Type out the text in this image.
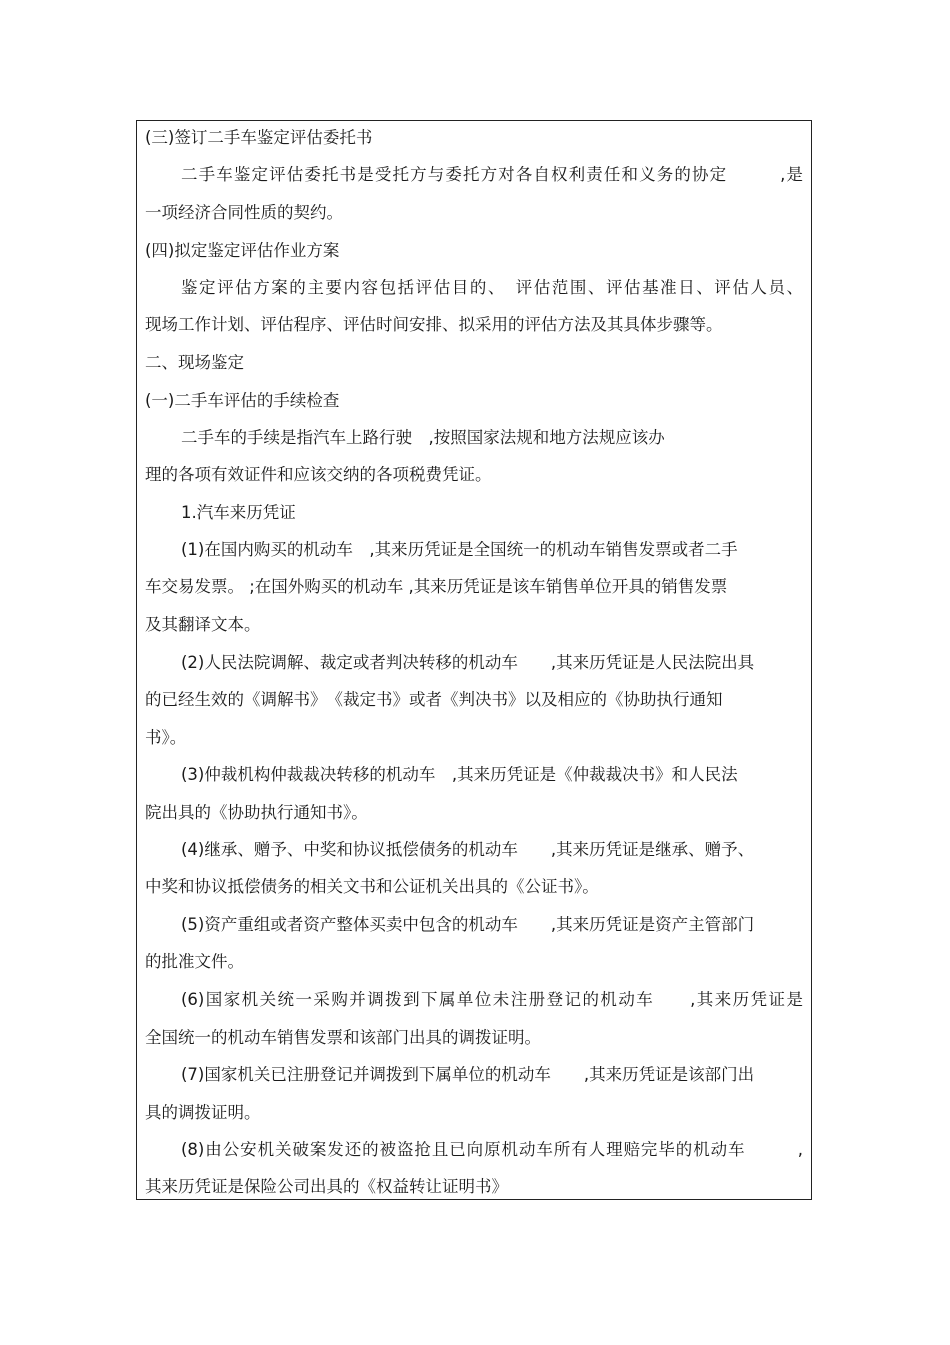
(三)签订二手车鉴定评估委托书
二手车鉴定评估委托书是受托方与委托方对各自权利责任和义务的协定　　　,是
一项经济合同性质的契约。
(四)拟定鉴定评估作业方案
鉴定评估方案的主要内容包括评估目的、　评估范围、评估基准日、评估人员、
现场工作计划、评估程序、评估时间安排、拟采用的评估方法及其具体步骤等。
二、现场鉴定
(一)二手车评估的手续检查
二手车的手续是指汽车上路行驶　,按照国家法规和地方法规应该办
理的各项有效证件和应该交纳的各项税费凭证。
1.汽车来历凭证
(1)在国内购买的机动车　,其来历凭证是全国统一的机动车销售发票或者二手
车交易发票。 ;在国外购买的机动车 ,其来历凭证是该车销售单位开具的销售发票
及其翻译文本。
(2)人民法院调解、裁定或者判决转移的机动车　　,其来历凭证是人民法院出具
的已经生效的《调解书》　《裁定书》或者《判决书》以及相应的《协助执行通知
书》。
(3)仲裁机构仲裁裁决转移的机动车　,其来历凭证是《仲裁裁决书》和人民法
院出具的《协助执行通知书》。
(4)继承、赠予、中奖和协议抵偿债务的机动车　　,其来历凭证是继承、赠予、
中奖和协议抵偿债务的相关文书和公证机关出具的《公证书》。
(5)资产重组或者资产整体买卖中包含的机动车　　,其来历凭证是资产主管部门
的批准文件。
(6)国家机关统一采购并调拨到下属单位未注册登记的机动车　　,其来历凭证是
全国统一的机动车销售发票和该部门出具的调拨证明。
(7)国家机关已注册登记并调拨到下属单位的机动车　　,其来历凭证是该部门出
具的调拨证明。
(8)由公安机关破案发还的被盗抢且已向原机动车所有人理赔完毕的机动车　　　,
其来历凭证是保险公司出具的《权益转让证明书》
